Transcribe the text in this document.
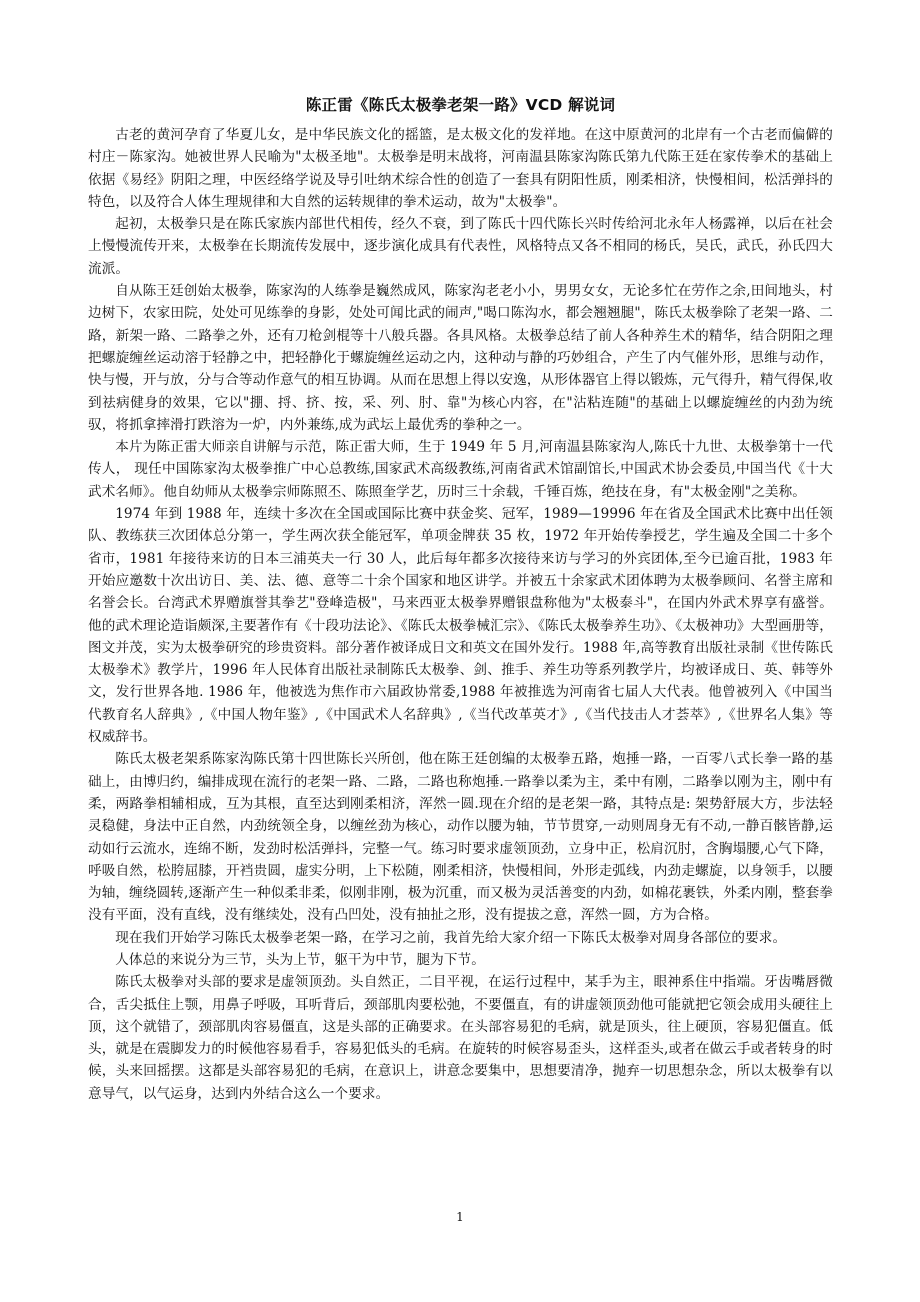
陈正雷《陈氏太极拳老架一路》VCD 解说词

古老的黄河孕育了华夏儿女，是中华民族文化的摇篮，是太极文化的发祥地。在这中原黄河的北岸有一个古老而偏僻的村庄－陈家沟。她被世界人民喻为"太极圣地"。太极拳是明末战将，河南温县陈家沟陈氏第九代陈王廷在家传拳术的基础上依据《易经》阴阳之理，中医经络学说及导引吐纳术综合性的创造了一套具有阴阳性质，刚柔相济，快慢相间，松活弹抖的特色，以及符合人体生理规律和大自然的运转规律的拳术运动，故为"太极拳"。

起初，太极拳只是在陈氏家族内部世代相传，经久不衰，到了陈氏十四代陈长兴时传给河北永年人杨露禅，以后在社会上慢慢流传开来，太极拳在长期流传发展中，逐步演化成具有代表性，风格特点又各不相同的杨氏，吴氏，武氏，孙氏四大流派。

自从陈王廷创始太极拳，陈家沟的人练拳是巍然成风，陈家沟老老小小，男男女女，无论多忙在劳作之余,田间地头，村边树下，农家田院，处处可见练拳的身影，处处可闻比武的闹声,"喝口陈沟水，都会翘翘腿"，陈氏太极拳除了老架一路、二路，新架一路、二路拳之外，还有刀枪剑棍等十八般兵器。各具风格。太极拳总结了前人各种养生术的精华，结合阴阳之理把螺旋缠丝运动溶于轻静之中，把轻静化于螺旋缠丝运动之内，这种动与静的巧妙组合，产生了内气催外形，思维与动作，快与慢，开与放，分与合等动作意气的相互协调。从而在思想上得以安逸，从形体器官上得以锻炼，元气得升，精气得保,收到祛病健身的效果，它以"掤、捋、挤、按，采、列、肘、靠"为核心内容，在"沾粘连随"的基础上以螺旋缠丝的内劲为统驭，将抓拿摔滑打跌溶为一炉，内外兼练,成为武坛上最优秀的拳种之一。

本片为陈正雷大师亲自讲解与示范，陈正雷大师，生于 1949 年 5 月,河南温县陈家沟人,陈氏十九世、太极拳第十一代传人， 现任中国陈家沟太极拳推广中心总教练,国家武术高级教练,河南省武术馆副馆长,中国武术协会委员,中国当代《十大武术名师》。他自幼师从太极拳宗师陈照丕、陈照奎学艺，历时三十余载，千锤百炼，绝技在身，有"太极金刚"之美称。

1974 年到 1988 年，连续十多次在全国或国际比赛中获金奖、冠军，1989—19996 年在省及全国武术比赛中出任领队、教练获三次团体总分第一，学生两次获全能冠军，单项金牌获 35 枚，1972 年开始传拳授艺，学生遍及全国二十多个省市，1981 年接待来访的日本三浦英夫一行 30 人，此后每年都多次接待来访与学习的外宾团体,至今已逾百批，1983 年开始应邀数十次出访日、美、法、德、意等二十余个国家和地区讲学。并被五十余家武术团体聘为太极拳顾问、名誉主席和名誉会长。台湾武术界赠旗誉其拳艺"登峰造极"，马来西亚太极拳界赠银盘称他为"太极泰斗"，在国内外武术界享有盛誉。他的武术理论造诣颇深,主要著作有《十段功法论》、《陈氏太极拳械汇宗》、《陈氏太极拳养生功》、《太极神功》大型画册等，图文并茂，实为太极拳研究的珍贵资料。部分著作被译成日文和英文在国外发行。1988 年,高等教育出版社录制《世传陈氏太极拳术》教学片，1996 年人民体育出版社录制陈氏太极拳、剑、推手、养生功等系列教学片，均被译成日、英、韩等外文，发行世界各地. 1986 年，他被选为焦作市六届政协常委,1988 年被推选为河南省七届人大代表。他曾被列入《中国当代教育名人辞典》,《中国人物年鉴》,《中国武术人名辞典》,《当代改革英才》,《当代技击人才荟萃》,《世界名人集》等权威辞书。

陈氏太极老架系陈家沟陈氏第十四世陈长兴所创，他在陈王廷创编的太极拳五路，炮捶一路，一百零八式长拳一路的基础上，由博归约，编排成现在流行的老架一路、二路，二路也称炮捶.一路拳以柔为主，柔中有刚，二路拳以刚为主，刚中有柔，两路拳相辅相成，互为其根，直至达到刚柔相济，浑然一圆.现在介绍的是老架一路，其特点是: 架势舒展大方，步法轻灵稳健，身法中正自然，内劲统领全身，以缠丝劲为核心，动作以腰为轴，节节贯穿,一动则周身无有不动,一静百骸皆静,运动如行云流水，连绵不断，发劲时松活弹抖，完整一气。练习时要求虚领顶劲，立身中正，松肩沉肘，含胸塌腰,心气下降，呼吸自然，松胯屈膝，开裆贵圆，虚实分明，上下松随，刚柔相济，快慢相间，外形走弧线，内劲走螺旋，以身领手，以腰为轴，缠绕圆转,逐渐产生一种似柔非柔，似刚非刚，极为沉重，而又极为灵活善变的内劲，如棉花裹铁，外柔内刚，整套拳没有平面，没有直线，没有继续处，没有凸凹处，没有抽扯之形，没有提拔之意，浑然一圆，方为合格。

现在我们开始学习陈氏太极拳老架一路，在学习之前，我首先给大家介绍一下陈氏太极拳对周身各部位的要求。

人体总的来说分为三节，头为上节，躯干为中节，腿为下节。

陈氏太极拳对头部的要求是虚领顶劲。头自然正，二目平视，在运行过程中，某手为主，眼神系住中指端。牙齿嘴唇微合，舌尖抵住上颚，用鼻子呼吸，耳听背后，颈部肌肉要松弛，不要僵直，有的讲虚领顶劲他可能就把它领会成用头硬往上顶，这个就错了，颈部肌肉容易僵直，这是头部的正确要求。在头部容易犯的毛病，就是顶头，往上硬顶，容易犯僵直。低头，就是在震脚发力的时候他容易看手，容易犯低头的毛病。在旋转的时候容易歪头，这样歪头,或者在做云手或者转身的时候，头来回摇摆。这都是头部容易犯的毛病，在意识上，讲意念要集中，思想要清净，抛弃一切思想杂念，所以太极拳有以意导气，以气运身，达到内外结合这么一个要求。

1
